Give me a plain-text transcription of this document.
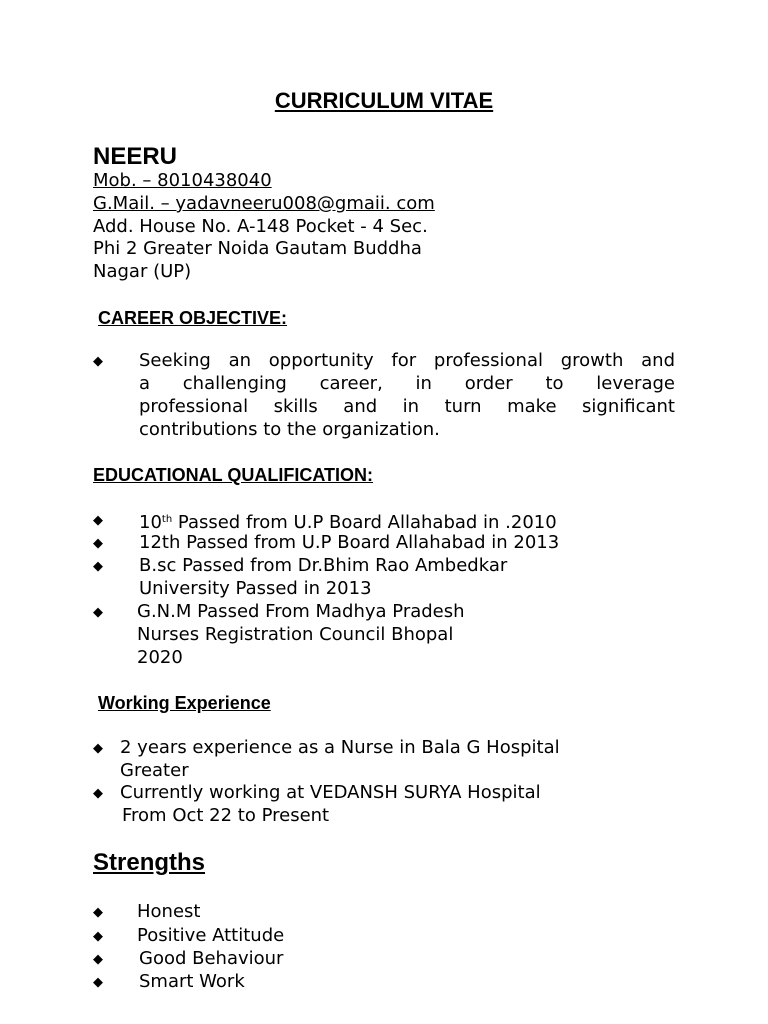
CURRICULUM VITAE
NEERU
Mob. – 8010438040
G.Mail. – yadavneeru008@gmaii. com
Add. House No. A-148 Pocket - 4 Sec.
Phi 2 Greater Noida Gautam Buddha
Nagar (UP)
CAREER OBJECTIVE:
◆ Seeking an opportunity for professional growth and
a challenging career, in order to leverage
professional skills and in turn make significant
contributions to the organization.
EDUCATIONAL QUALIFICATION:
◆ 10th Passed from U.P Board Allahabad in .2010
◆ 12th Passed from U.P Board Allahabad in 2013
◆ B.sc Passed from Dr.Bhim Rao Ambedkar
University Passed in 2013
◆ G.N.M Passed From Madhya Pradesh
Nurses Registration Council Bhopal
2020
Working Experience
◆ 2 years experience as a Nurse in Bala G Hospital
Greater
◆ Currently working at VEDANSH SURYA Hospital
From Oct 22 to Present
Strengths
◆ Honest
◆ Positive Attitude
◆ Good Behaviour
◆ Smart Work
